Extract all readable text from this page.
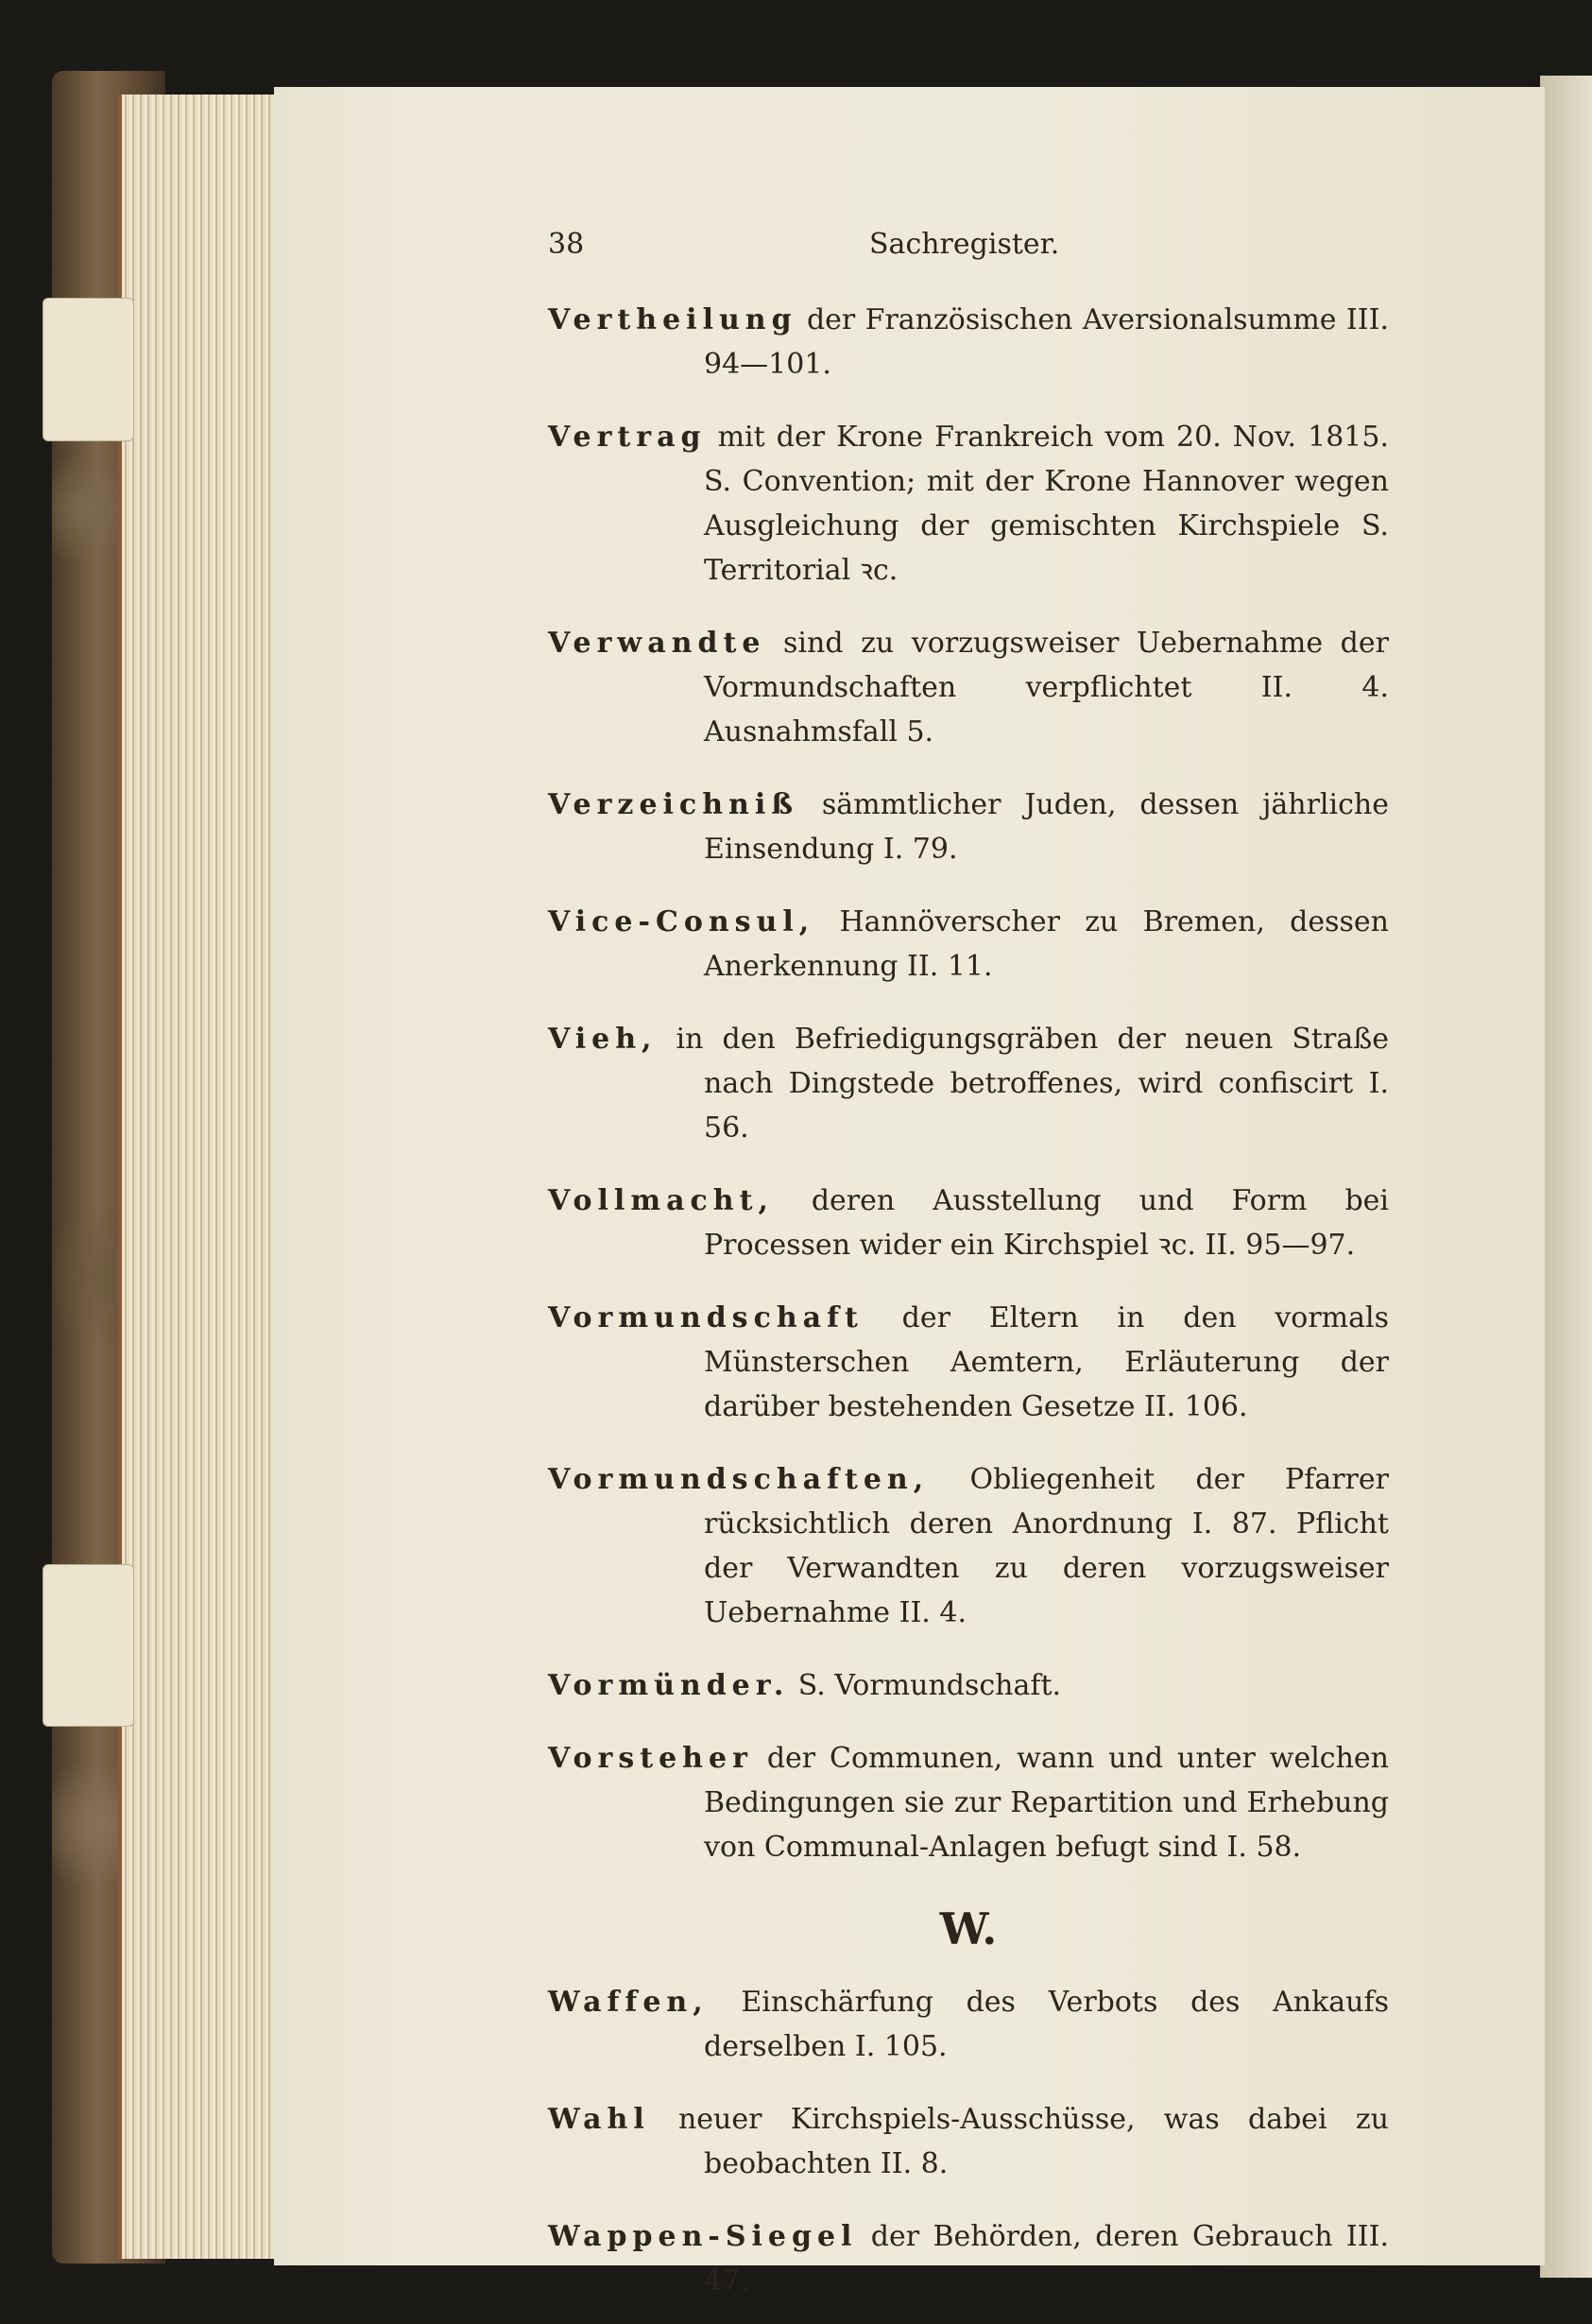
38	Sachregister.

Vertheilung der Französischen Aversionalsumme III. 94—101.

Vertrag mit der Krone Frankreich vom 20. Nov. 1815. S. Convention; mit der Krone Hannover wegen Ausgleichung der gemischten Kirchspiele S. Territorial ꝛc.

Verwandte sind zu vorzugsweiser Uebernahme der Vormundschaften verpflichtet II. 4. Ausnahmsfall 5.

Verzeichniß sämmtlicher Juden, dessen jährliche Einsendung I. 79.

Vice-Consul, Hannöverscher zu Bremen, dessen Anerkennung II. 11.

Vieh, in den Befriedigungsgräben der neuen Straße nach Dingstede betroffenes, wird confiscirt I. 56.

Vollmacht, deren Ausstellung und Form bei Processen wider ein Kirchspiel ꝛc. II. 95—97.

Vormundschaft der Eltern in den vormals Münsterschen Aemtern, Erläuterung der darüber bestehenden Gesetze II. 106.

Vormundschaften, Obliegenheit der Pfarrer rücksichtlich deren Anordnung I. 87. Pflicht der Verwandten zu deren vorzugsweiser Uebernahme II. 4.

Vormünder. S. Vormundschaft.

Vorsteher der Communen, wann und unter welchen Bedingungen sie zur Repartition und Erhebung von Communal-Anlagen befugt sind I. 58.

W.

Waffen, Einschärfung des Verbots des Ankaufs derselben I. 105.

Wahl neuer Kirchspiels-Ausschüsse, was dabei zu beobachten II. 8.

Wappen-Siegel der Behörden, deren Gebrauch III. 47.
